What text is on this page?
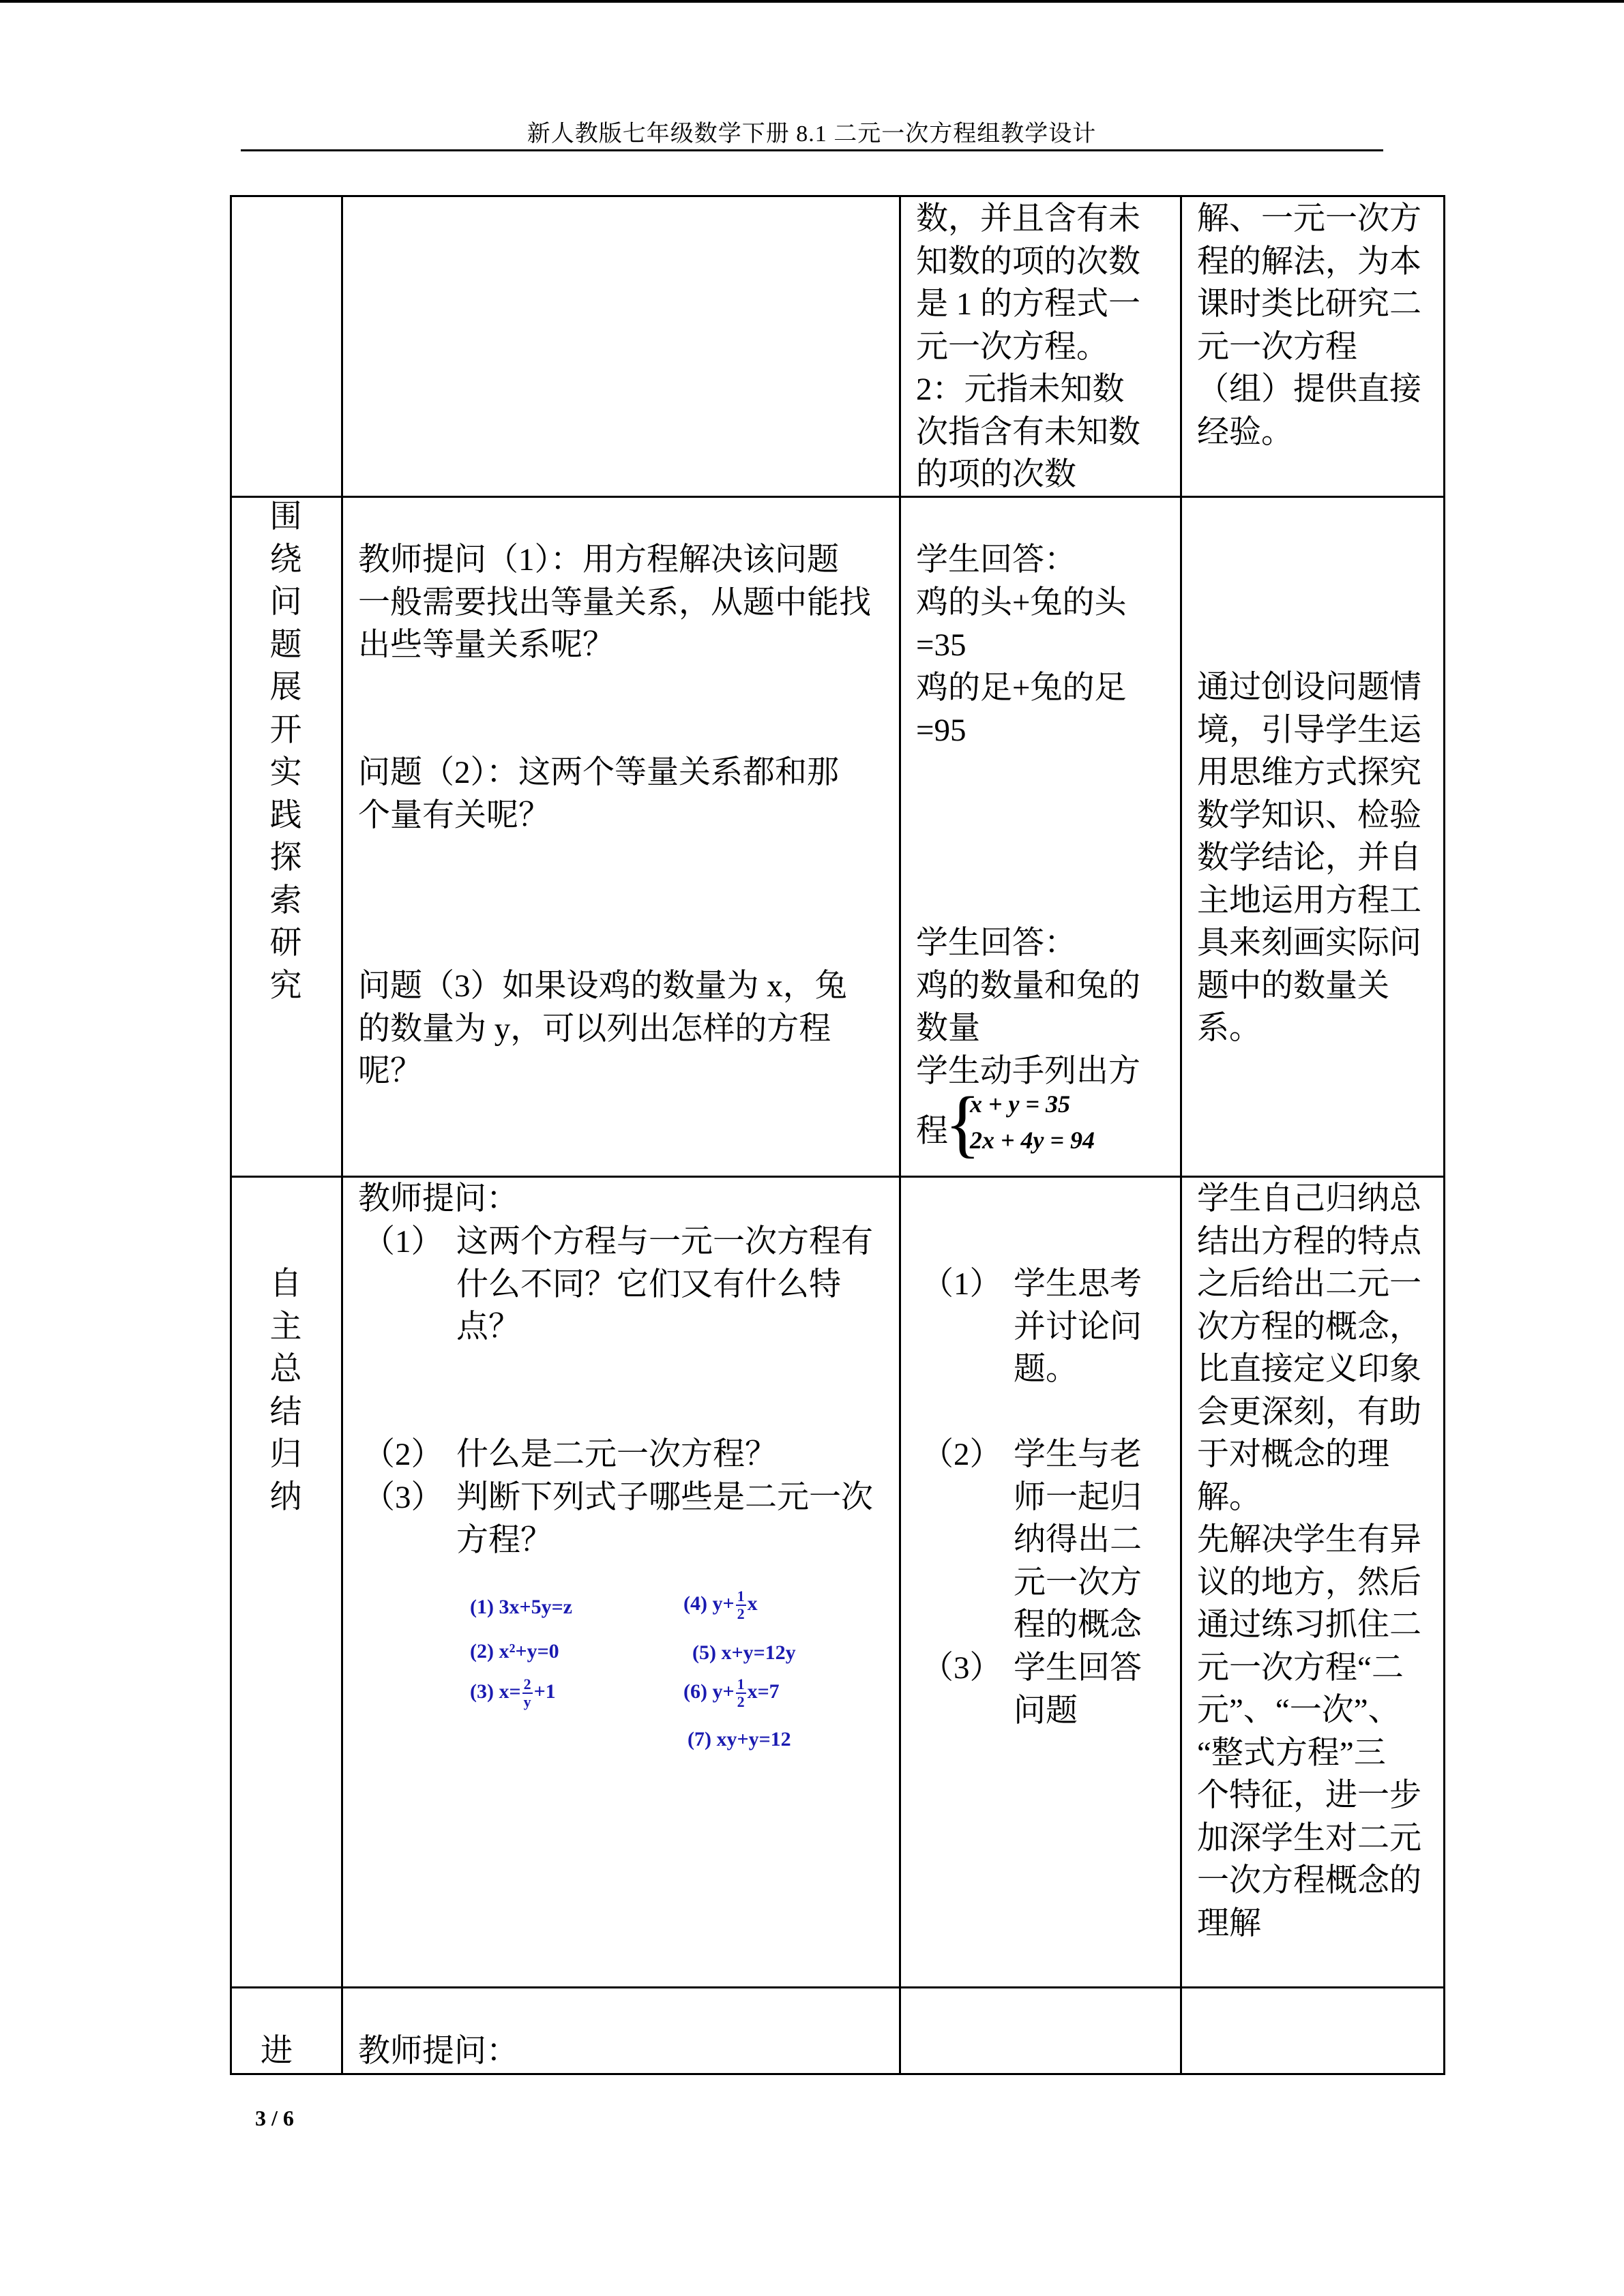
新人教版七年级数学下册 8.1 二元一次方程组教学设计
数，并且含有未
知数的项的次数
是 1 的方程式一
元一次方程。
2：元指未知数
次指含有未知数
的项的次数
解、一元一次方
程的解法，为本
课时类比研究二
元一次方程
（组）提供直接
经验。
围
绕
问
题
展
开
实
践
探
索
研
究
教师提问（1）：用方程解决该问题
一般需要找出等量关系，从题中能找
出些等量关系呢？
问题（2）：这两个等量关系都和那
个量有关呢？
问题（3）如果设鸡的数量为 x，兔
的数量为 y，可以列出怎样的方程
呢？
学生回答：
鸡的头+兔的头
=35
鸡的足+兔的足
=95
学生回答：
鸡的数量和兔的
数量
学生动手列出方
程
{
x + y = 35
2x + 4y = 94
通过创设问题情
境，引导学生运
用思维方式探究
数学知识、检验
数学结论，并自
主地运用方程工
具来刻画实际问
题中的数量关
系。
自
主
总
结
归
纳
教师提问：
（1） 这两个方程与一元一次方程有
什么不同？它们又有什么特
点？
（2） 什么是二元一次方程？
（3） 判断下列式子哪些是二元一次
方程？
(1) 3x+5y=z
(2) x²+y=0
(3) $x= \frac{2}{y} +1$
(4) $y+ \frac{1}{2}$ x
(5) x+y=12y
(6) $y+ \frac{1}{2} x=7$
(7) xy+y=12
（1） 学生思考
并讨论问
题。
（2） 学生与老
师一起归
纳得出二
元一次方
程的概念
（3） 学生回答
问题
学生自己归纳总
结出方程的特点
之后给出二元一
次方程的概念，
比直接定义印象
会更深刻，有助
于对概念的理
解。
先解决学生有异
议的地方，然后
通过练习抓住二
元一次方程“二
元”、“一次”、
“整式方程”三
个特征，进一步
加深学生对二元
一次方程概念的
理解
进 教师提问：
3 / 6
